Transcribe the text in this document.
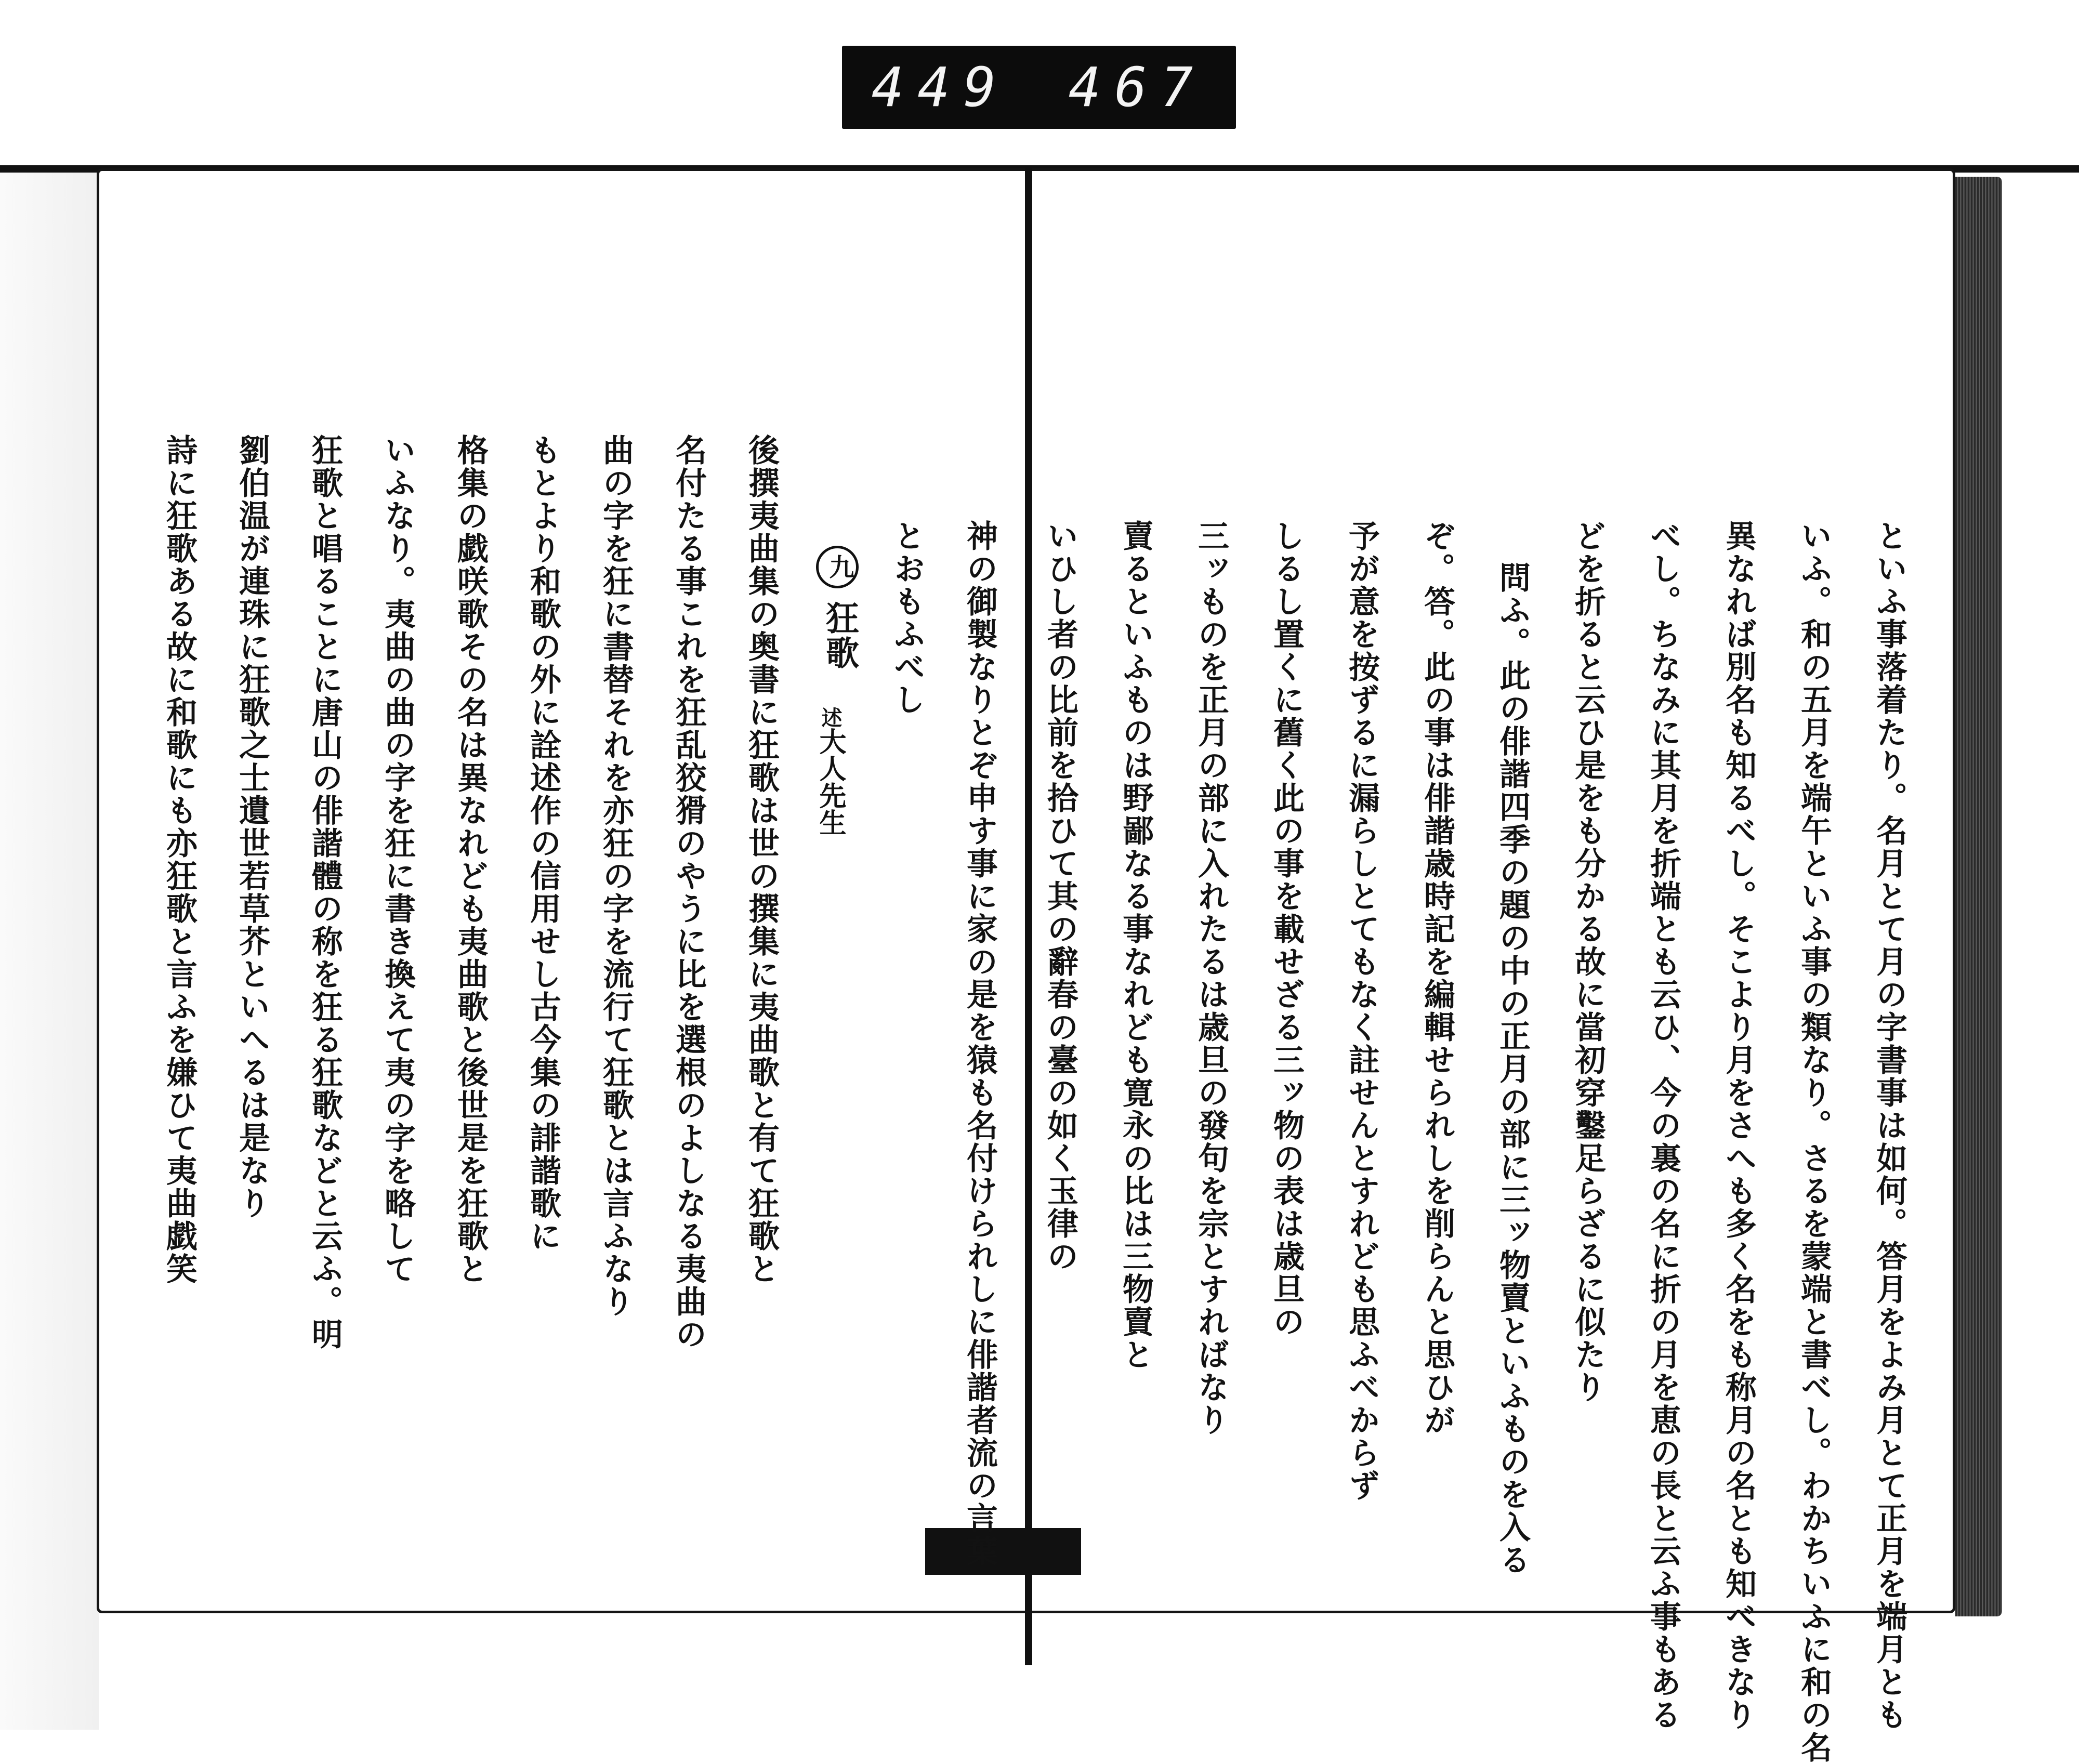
449 467
といふ事落着たり。名月とて月の字書事は如何。答月をよみ月とて正月を端月とも
いふ。和の五月を端午といふ事の類なり。さるを蒙端と書べし。わかちいふに和の名
異なれば別名も知るべし。そこより月をさへも多く名をも称月の名とも知べきなり
べし。ちなみに其月を折端とも云ひ、今の裏の名に折の月を恵の長と云ふ事もある
どを折ると云ひ是をも分かる故に當初穿鑿足らざるに似たり
問ふ。此の俳諧四季の題の中の正月の部に三ッ物賣といふものを入る
ぞ。答。此の事は俳諧歳時記を編輯せられしを削らんと思ひが
予が意を按ずるに漏らしとてもなく註せんとすれども思ふべからず
しるし置くに舊く此の事を載せざる三ッ物の表は歳旦の
三ッものを正月の部に入れたるは歳旦の發句を宗とすればなり
賣るといふものは野鄙なる事なれども寛永の比は三物賣と
いひし者の比前を拾ひて其の辭春の臺の如く玉律の
神の御製なりとぞ申す事に家の是を猿も名付けられしに俳諧者流の言葉
とおもふべし
九狂歌
述大人先生
後撰夷曲集の奥書に狂歌は世の撰集に夷曲歌と有て狂歌と
名付たる事これを狂乱狡猾のやうに比を選根のよしなる夷曲の
曲の字を狂に書替それを亦狂の字を流行て狂歌とは言ふなり
もとより和歌の外に詮述作の信用せし古今集の誹諧歌に
格集の戯咲歌その名は異なれども夷曲歌と後世是を狂歌と
いふなり。夷曲の曲の字を狂に書き換えて夷の字を略して
狂歌と唱ることに唐山の俳諧體の称を狂る狂歌などと云ふ。明
劉伯温が連珠に狂歌之士遺世若草芥といへるは是なり
詩に狂歌ある故に和歌にも亦狂歌と言ふを嫌ひて夷曲戯笑
